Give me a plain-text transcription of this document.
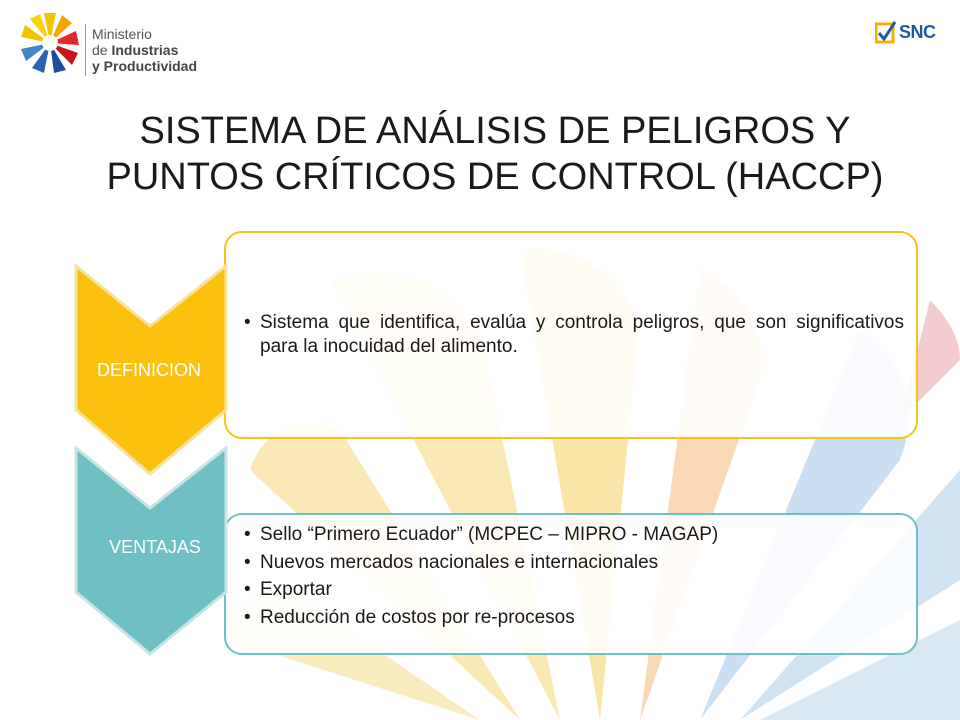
Ministerio
de Industrias
y Productividad
SNC
SISTEMA DE ANÁLISIS DE PELIGROS Y
PUNTOS CRÍTICOS DE CONTROL (HACCP)
• Sistema que identifica, evalúa y controla peligros, que son significativos para la inocuidad del alimento.
• Sello “Primero Ecuador” (MCPEC – MIPRO - MAGAP)
• Nuevos mercados nacionales e internacionales
• Exportar
• Reducción de costos por re-procesos
DEFINICION
VENTAJAS
